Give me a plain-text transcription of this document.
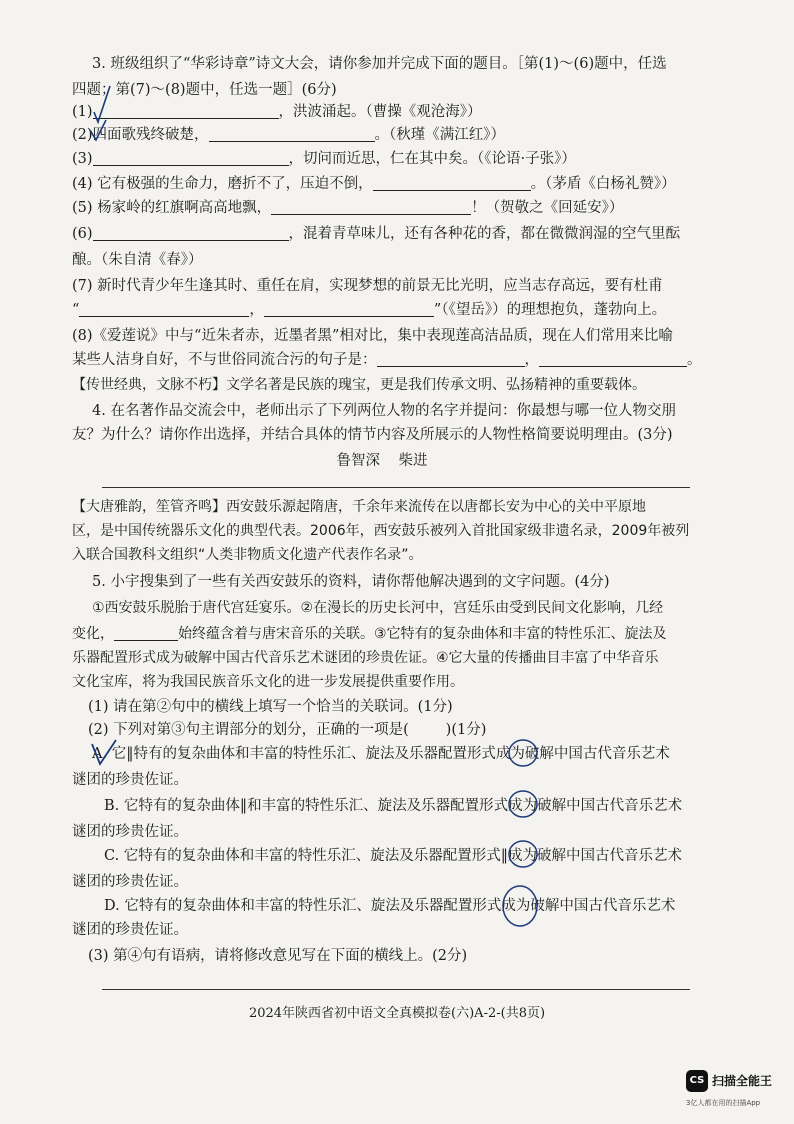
3. 班级组织了“华彩诗章”诗文大会，请你参加并完成下面的题目。［第(1)～(6)题中，任选
四题；第(7)～(8)题中，任选一题］(6分)
(1)	，洪波涌起。（曹操《观沧海》）
(2)四面歌残终破楚，	。（秋瑾《满江红》）
(3)	，切问而近思，仁在其中矣。（《论语·子张》）
(4) 它有极强的生命力，磨折不了，压迫不倒，	。（茅盾《白杨礼赞》）
(5) 杨家岭的红旗啊高高地飘，	！（贺敬之《回延安》）
(6)	，混着青草味儿，还有各种花的香，都在微微润湿的空气里酝
酿。（朱自清《春》）
(7) 新时代青少年生逢其时、重任在肩，实现梦想的前景无比光明，应当志存高远，要有杜甫
“	，	”（《望岳》）的理想抱负，蓬勃向上。
(8)《爱莲说》中与“近朱者赤，近墨者黑”相对比，集中表现莲高洁品质，现在人们常用来比喻
某些人洁身自好，不与世俗同流合污的句子是：	，	。
【传世经典，文脉不朽】文学名著是民族的瑰宝，更是我们传承文明、弘扬精神的重要载体。
4. 在名著作品交流会中，老师出示了下列两位人物的名字并提问：你最想与哪一位人物交朋
友？为什么？请你作出选择，并结合具体的情节内容及所展示的人物性格简要说明理由。(3分)
鲁智深    柴进
【大唐雅韵，笙管齐鸣】西安鼓乐源起隋唐，千余年来流传在以唐都长安为中心的关中平原地
区，是中国传统器乐文化的典型代表。2006年，西安鼓乐被列入首批国家级非遗名录，2009年被列
入联合国教科文组织“人类非物质文化遗产代表作名录”。
5. 小宇搜集到了一些有关西安鼓乐的资料，请你帮他解决遇到的文字问题。(4分)
①西安鼓乐脱胎于唐代宫廷宴乐。②在漫长的历史长河中，宫廷乐由受到民间文化影响，几经
变化，	始终蕴含着与唐宋音乐的关联。③它特有的复杂曲体和丰富的特性乐汇、旋法及
乐器配置形式成为破解中国古代音乐艺术谜团的珍贵佐证。④它大量的传播曲目丰富了中华音乐
文化宝库，将为我国民族音乐文化的进一步发展提供重要作用。
(1) 请在第②句中的横线上填写一个恰当的关联词。(1分)
(2) 下列对第③句主谓部分的划分，正确的一项是(        )(1分)
A. 它‖特有的复杂曲体和丰富的特性乐汇、旋法及乐器配置形式成为破解中国古代音乐艺术
谜团的珍贵佐证。
B. 它特有的复杂曲体‖和丰富的特性乐汇、旋法及乐器配置形式成为破解中国古代音乐艺术
谜团的珍贵佐证。
C. 它特有的复杂曲体和丰富的特性乐汇、旋法及乐器配置形式‖成为破解中国古代音乐艺术
谜团的珍贵佐证。
D. 它特有的复杂曲体和丰富的特性乐汇、旋法及乐器配置形式成为破解中国古代音乐艺术
谜团的珍贵佐证。
(3) 第④句有语病，请将修改意见写在下面的横线上。(2分)
2024年陕西省初中语文全真模拟卷(六)A-2-(共8页)
CS 扫描全能王
3亿人都在用的扫描App
